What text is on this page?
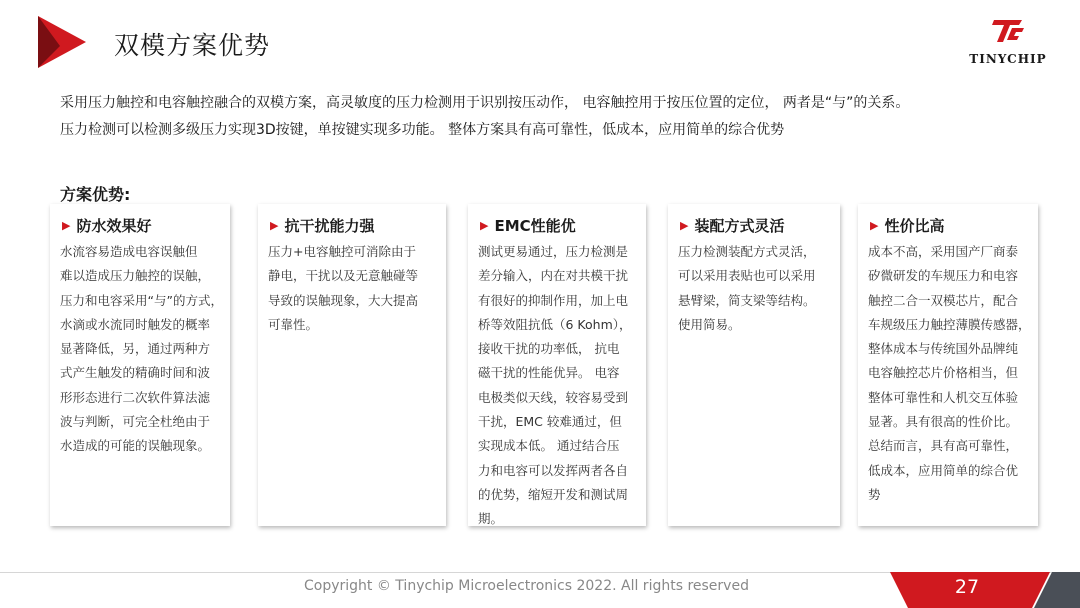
双模方案优势	TINYCHIP

采用压力触控和电容触控融合的双模方案，高灵敏度的压力检测用于识别按压动作， 电容触控用于按压位置的定位， 两者是“与”的关系。

压力检测可以检测多级压力实现3D按键，单按键实现多功能。 整体方案具有高可靠性，低成本，应用简单的综合优势

方案优势:
▶ 防水效果好
水流容易造成电容误触但
难以造成压力触控的误触，
压力和电容采用“与”的方式，
水滴或水流同时触发的概率
显著降低，另，通过两种方
式产生触发的精确时间和波
形形态进行二次软件算法滤
波与判断，可完全杜绝由于
水造成的可能的误触现象。
▶ 抗干扰能力强
压力+电容触控可消除由于
静电，干扰以及无意触碰等
导致的误触现象，大大提高
可靠性。
▶ EMC性能优
测试更易通过，压力检测是
差分输入，内在对共模干扰
有很好的抑制作用，加上电
桥等效阻抗低（6 Kohm），
接收干扰的功率低， 抗电
磁干扰的性能优异。 电容
电极类似天线，较容易受到
干扰，EMC 较难通过，但
实现成本低。 通过结合压
力和电容可以发挥两者各自
的优势，缩短开发和测试周
期。
▶ 装配方式灵活
压力检测装配方式灵活，
可以采用表贴也可以采用
悬臂梁，简支梁等结构。
使用简易。
▶ 性价比高
成本不高，采用国产厂商泰
矽微研发的车规压力和电容
触控二合一双模芯片，配合
车规级压力触控薄膜传感器，
整体成本与传统国外品牌纯
电容触控芯片价格相当，但
整体可靠性和人机交互体验
显著。具有很高的性价比。
总结而言，具有高可靠性，
低成本，应用简单的综合优
势
Copyright © Tinychip Microelectronics 2022. All rights reserved	27
